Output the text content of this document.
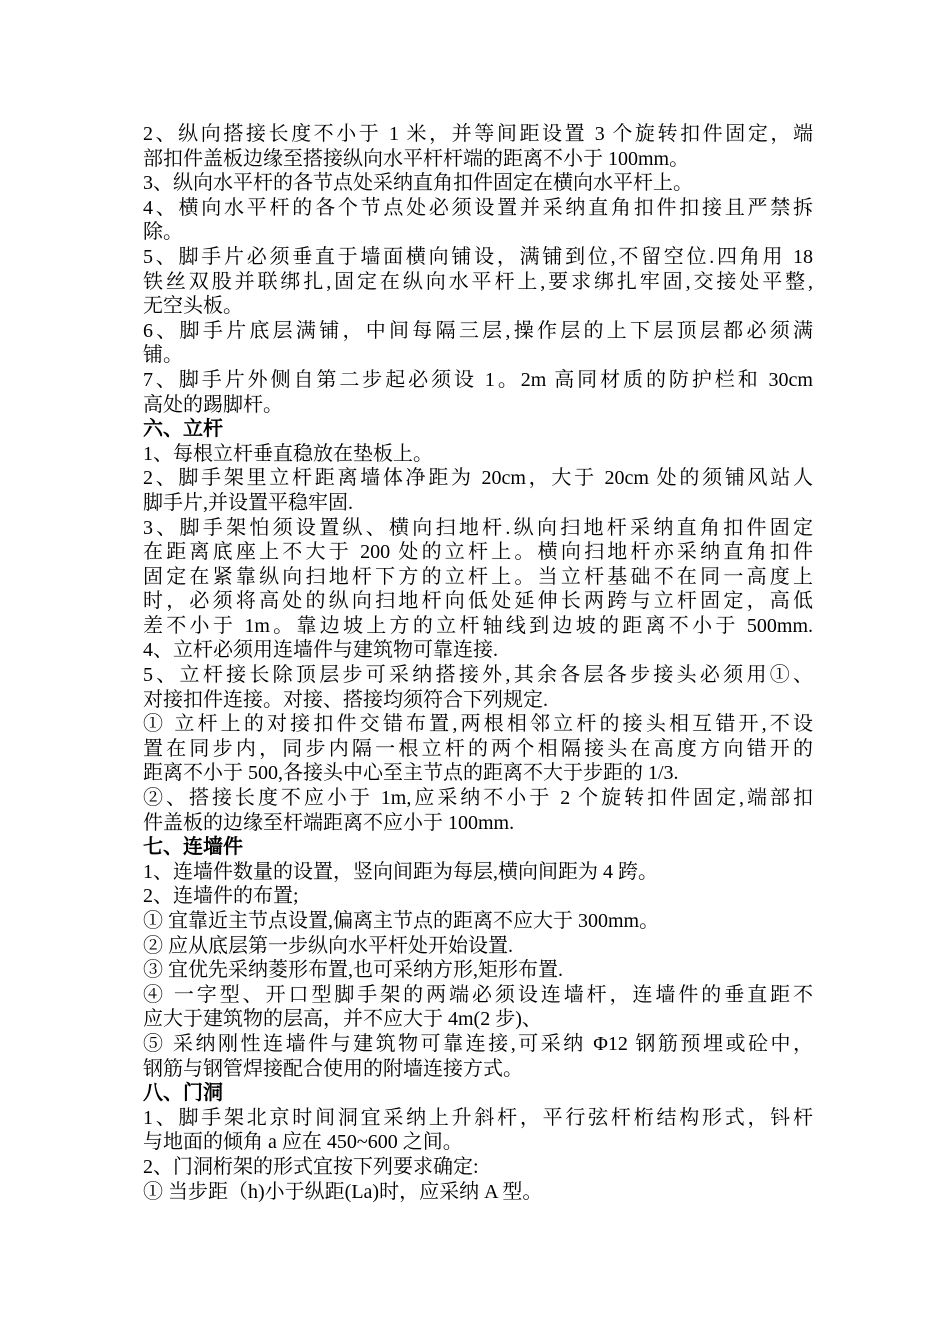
2、纵向搭接长度不小于 1 米，并等间距设置 3 个旋转扣件固定，端
部扣件盖板边缘至搭接纵向水平杆杆端的距离不小于 100mm。
3、纵向水平杆的各节点处采纳直角扣件固定在横向水平杆上。
4、横向水平杆的各个节点处必须设置并采纳直角扣件扣接且严禁拆
除。
5、脚手片必须垂直于墙面横向铺设，满铺到位,不留空位.四角用 18
铁丝双股并联绑扎,固定在纵向水平杆上,要求绑扎牢固,交接处平整,
无空头板。
6、脚手片底层满铺，中间每隔三层,操作层的上下层顶层都必须满
铺。
7、脚手片外侧自第二步起必须设 1。2m 高同材质的防护栏和 30cm
高处的踢脚杆。
六、立杆
1、每根立杆垂直稳放在垫板上。
2、脚手架里立杆距离墙体净距为 20cm，大于 20cm 处的须铺风站人
脚手片,并设置平稳牢固.
3、脚手架怕须设置纵、横向扫地杆.纵向扫地杆采纳直角扣件固定
在距离底座上不大于 200 处的立杆上。横向扫地杆亦采纳直角扣件
固定在紧靠纵向扫地杆下方的立杆上。当立杆基础不在同一高度上
时，必须将高处的纵向扫地杆向低处延伸长两跨与立杆固定，高低
差不小于 1m。靠边坡上方的立杆轴线到边坡的距离不小于 500mm.
4、立杆必须用连墙件与建筑物可靠连接.
5、立杆接长除顶层步可采纳搭接外,其余各层各步接头必须用①、
对接扣件连接。对接、搭接均须符合下列规定.
① 立杆上的对接扣件交错布置,两根相邻立杆的接头相互错开,不设
置在同步内，同步内隔一根立杆的两个相隔接头在高度方向错开的
距离不小于 500,各接头中心至主节点的距离不大于步距的 1/3.
②、搭接长度不应小于 1m,应采纳不小于 2 个旋转扣件固定,端部扣
件盖板的边缘至杆端距离不应小于 100mm.
七、连墙件
1、连墙件数量的设置，竖向间距为每层,横向间距为 4 跨。
2、连墙件的布置;
① 宜靠近主节点设置,偏离主节点的距离不应大于 300mm。
② 应从底层第一步纵向水平杆处开始设置.
③ 宜优先采纳菱形布置,也可采纳方形,矩形布置.
④ 一字型、开口型脚手架的两端必须设连墙杆，连墙件的垂直距不
应大于建筑物的层高，并不应大于 4m(2 步)、
⑤ 采纳刚性连墙件与建筑物可靠连接,可采纳 Φ12 钢筋预埋或砼中，
钢筋与钢管焊接配合使用的附墙连接方式。
八、门洞
1、脚手架北京时间洞宜采纳上升斜杆，平行弦杆桁结构形式，钭杆
与地面的倾角 a 应在 450~600 之间。
2、门洞桁架的形式宜按下列要求确定:
① 当步距（h)小于纵距(La)时，应采纳 A 型。
